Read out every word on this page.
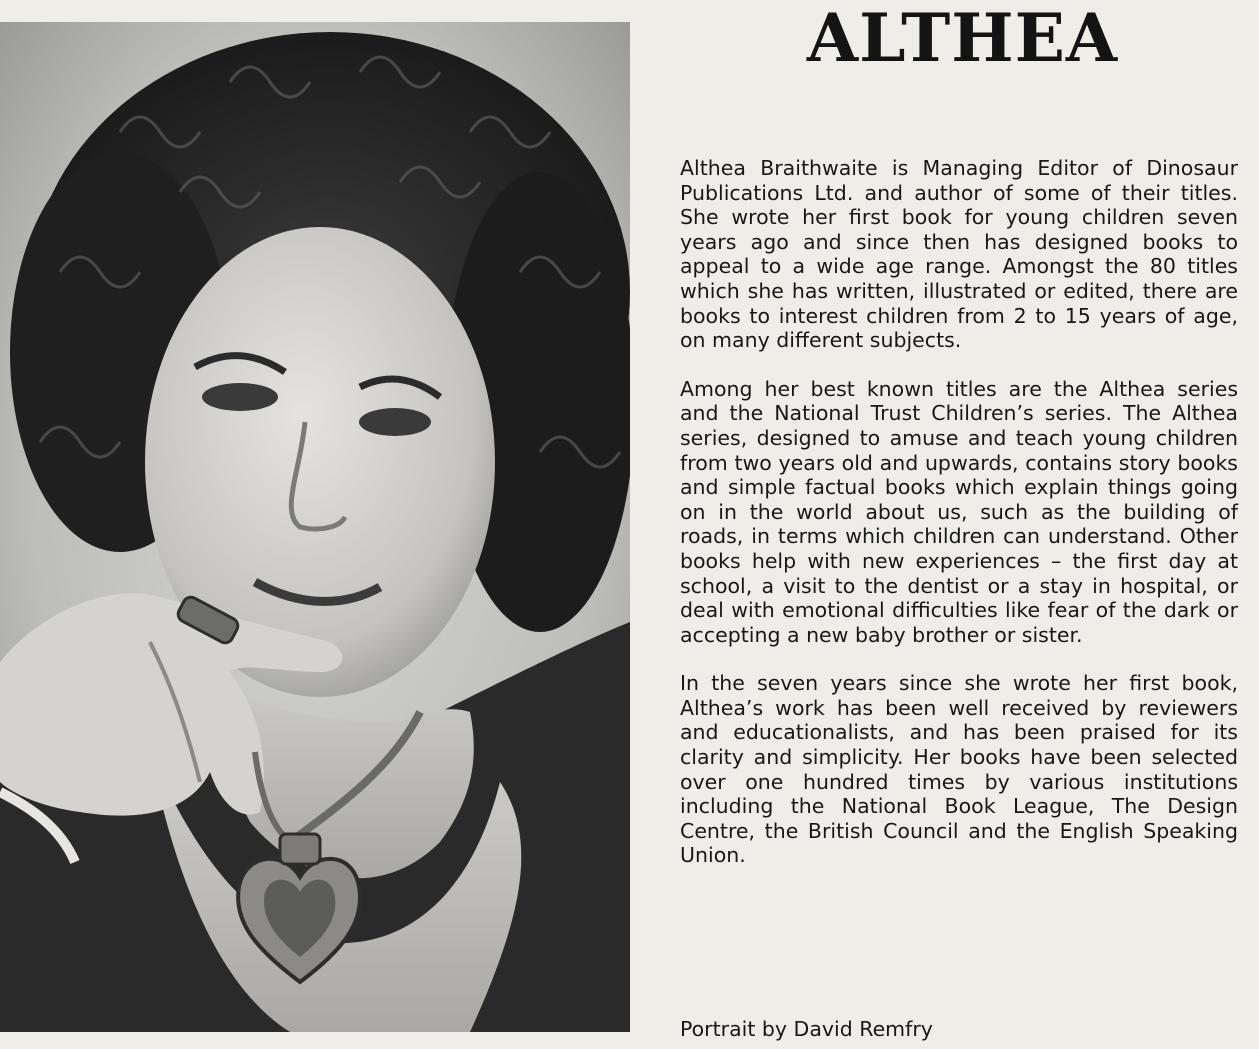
ALTHEA

Althea Braithwaite is Managing Editor of Dinosaur Publications Ltd. and author of some of their titles. She wrote her first book for young children seven years ago and since then has designed books to appeal to a wide age range. Amongst the 80 titles which she has written, illustrated or edited, there are books to interest children from 2 to 15 years of age, on many different subjects.

Among her best known titles are the Althea series and the National Trust Children’s series. The Althea series, designed to amuse and teach young children from two years old and upwards, contains story books and simple factual books which explain things going on in the world about us, such as the building of roads, in terms which children can understand. Other books help with new experiences – the first day at school, a visit to the dentist or a stay in hospital, or deal with emotional difficulties like fear of the dark or accepting a new baby brother or sister.

In the seven years since she wrote her first book, Althea’s work has been well received by reviewers and educationalists, and has been praised for its clarity and simplicity. Her books have been selected over one hundred times by various institutions including the National Book League, The Design Centre, the British Council and the English Speaking Union.

Portrait by David Remfry
